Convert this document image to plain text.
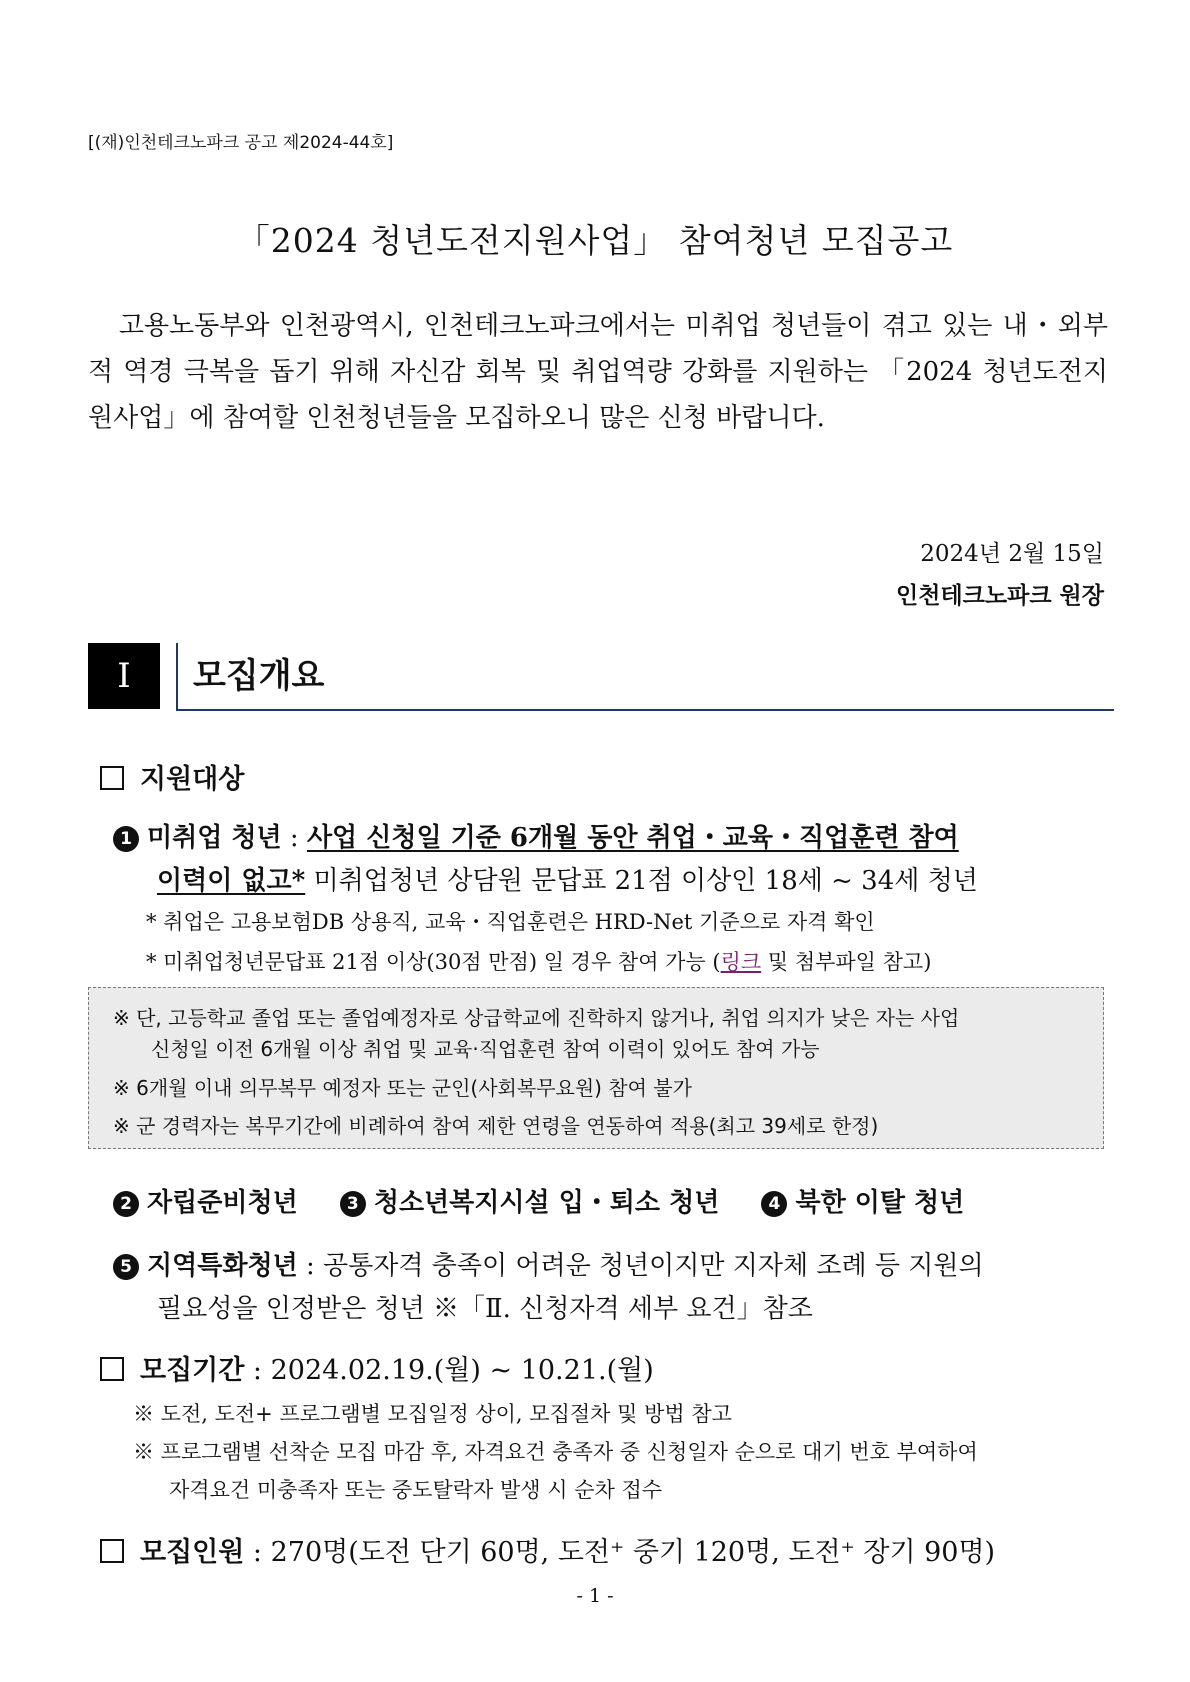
[(재)인천테크노파크 공고 제2024-44호]
「2024 청년도전지원사업」 참여청년 모집공고

고용노동부와 인천광역시, 인천테크노파크에서는 미취업 청년들이 겪고 있는 내・외부적 역경 극복을 돕기 위해 자신감 회복 및 취업역량 강화를 지원하는 「2024 청년도전지원사업」에 참여할 인천청년들을 모집하오니 많은 신청 바랍니다.

2024년 2월 15일
인천테크노파크 원장
Ⅰ	모집개요
지원대상
1 미취업 청년 : 사업 신청일 기준 6개월 동안 취업・교육・직업훈련 참여
이력이 없고* 미취업청년 상담원 문답표 21점 이상인 18세 ~ 34세 청년
* 취업은 고용보험DB 상용직, 교육・직업훈련은 HRD-Net 기준으로 자격 확인
* 미취업청년문답표 21점 이상(30점 만점) 일 경우 참여 가능 (링크 및 첨부파일 참고)
※ 단, 고등학교 졸업 또는 졸업예정자로 상급학교에 진학하지 않거나, 취업 의지가 낮은 자는 사업
신청일 이전 6개월 이상 취업 및 교육·직업훈련 참여 이력이 있어도 참여 가능
※ 6개월 이내 의무복무 예정자 또는 군인(사회복무요원) 참여 불가
※ 군 경력자는 복무기간에 비례하여 참여 제한 연령을 연동하여 적용(최고 39세로 한정)
2 자립준비청년	3 청소년복지시설 입・퇴소 청년	4 북한 이탈 청년
5 지역특화청년 : 공통자격 충족이 어려운 청년이지만 지자체 조례 등 지원의
필요성을 인정받은 청년 ※「Ⅱ. 신청자격 세부 요건」참조
모집기간 : 2024.02.19.(월) ~ 10.21.(월)
※ 도전, 도전+ 프로그램별 모집일정 상이, 모집절차 및 방법 참고
※ 프로그램별 선착순 모집 마감 후, 자격요건 충족자 중 신청일자 순으로 대기 번호 부여하여
자격요건 미충족자 또는 중도탈락자 발생 시 순차 접수
모집인원 : 270명(도전 단기 60명, 도전⁺ 중기 120명, 도전⁺ 장기 90명)
- 1 -
